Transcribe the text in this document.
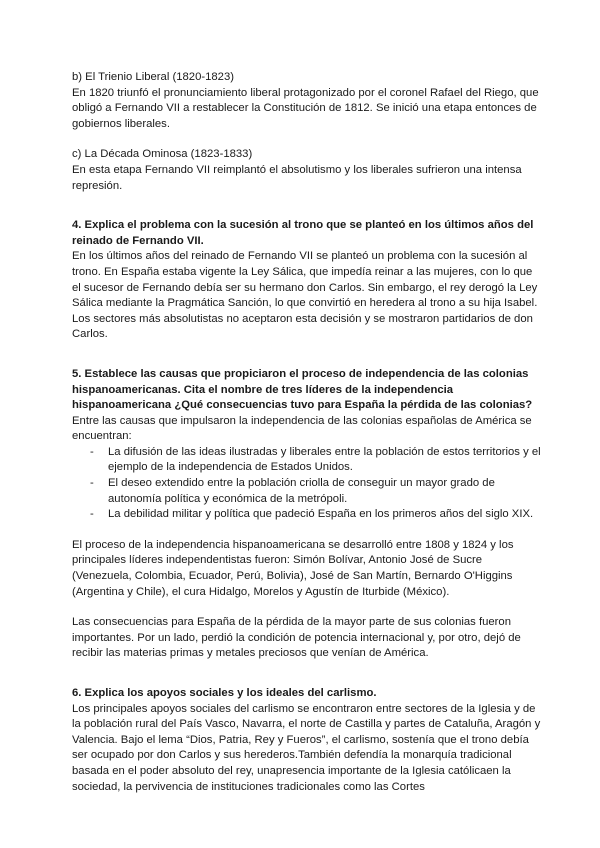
b) El Trienio Liberal (1820-1823)

En 1820 triunfó el pronunciamiento liberal protagonizado por el coronel Rafael del Riego, que obligó a Fernando VII a restablecer la Constitución de 1812. Se inició una etapa entonces de gobiernos liberales.

c) La Década Ominosa (1823-1833)

En esta etapa Fernando VII reimplantó el absolutismo y los liberales sufrieron una intensa represión.

4. Explica el problema con la sucesión al trono que se planteó en los últimos años del reinado de Fernando VII.

En los últimos años del reinado de Fernando VII se planteó un problema con la sucesión al trono. En España estaba vigente la Ley Sálica, que impedía reinar a las mujeres, con lo que el sucesor de Fernando debía ser su hermano don Carlos. Sin embargo, el rey derogó la Ley Sálica mediante la Pragmática Sanción, lo que convirtió en heredera al trono a su hija Isabel. Los sectores más absolutistas no aceptaron esta decisión y se mostraron partidarios de don Carlos.

5. Establece las causas que propiciaron el proceso de independencia de las colonias hispanoamericanas. Cita el nombre de tres líderes de la independencia hispanoamericana ¿Qué consecuencias tuvo para España la pérdida de las colonias?

Entre las causas que impulsaron la independencia de las colonias españolas de América se encuentran:

- La difusión de las ideas ilustradas y liberales entre la población de estos territorios y el ejemplo de la independencia de Estados Unidos.
- El deseo extendido entre la población criolla de conseguir un mayor grado de autonomía política y económica de la metrópoli.
- La debilidad militar y política que padeció España en los primeros años del siglo XIX.

El proceso de la independencia hispanoamericana se desarrolló entre 1808 y 1824 y los principales líderes independentistas fueron: Simón Bolívar, Antonio José de Sucre (Venezuela, Colombia, Ecuador, Perú, Bolivia), José de San Martín, Bernardo O'Higgins (Argentina y Chile), el cura Hidalgo, Morelos y Agustín de Iturbide (México).

Las consecuencias para España de la pérdida de la mayor parte de sus colonias fueron importantes. Por un lado, perdió la condición de potencia internacional y, por otro, dejó de recibir las materias primas y metales preciosos que venían de América.

6. Explica los apoyos sociales y los ideales del carlismo.

Los principales apoyos sociales del carlismo se encontraron entre sectores de la Iglesia y de la población rural del País Vasco, Navarra, el norte de Castilla y partes de Cataluña, Aragón y Valencia. Bajo el lema “Dios, Patria, Rey y Fueros”, el carlismo, sostenía que el trono debía ser ocupado por don Carlos y sus herederos.También defendía la monarquía tradicional basada en el poder absoluto del rey, unapresencia importante de la Iglesia católicaen la sociedad, la pervivencia de instituciones tradicionales como las Cortes
